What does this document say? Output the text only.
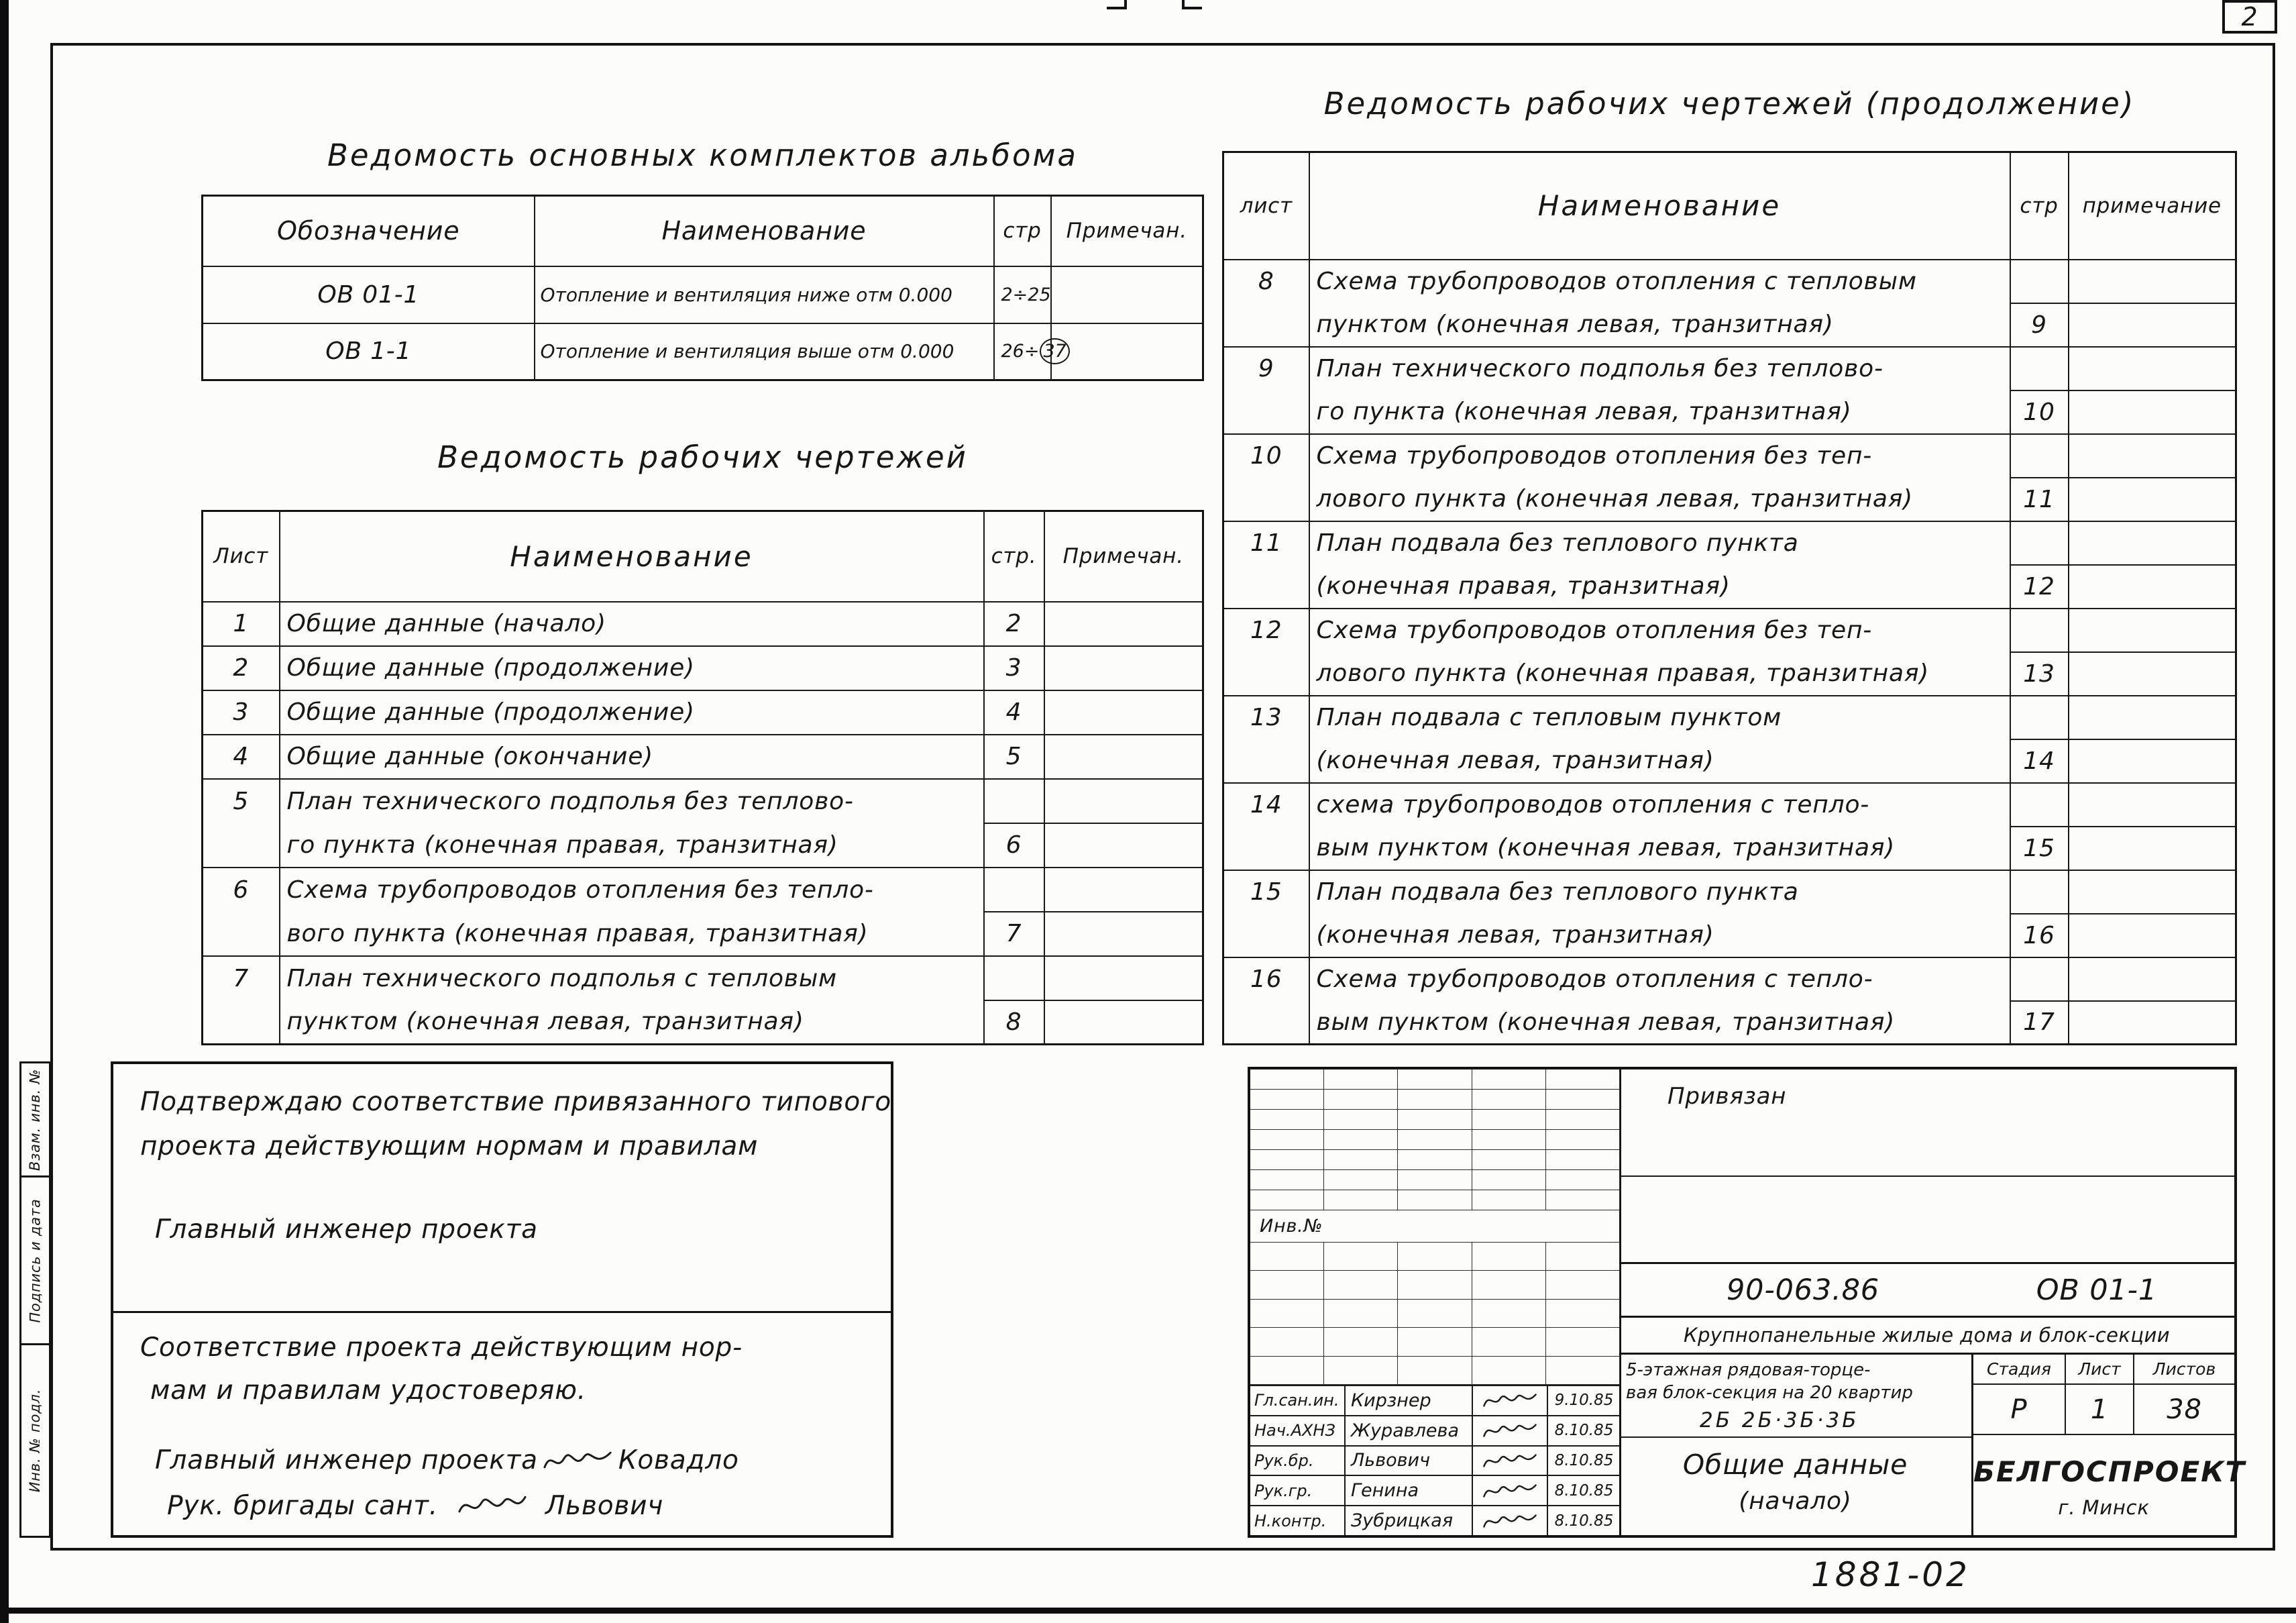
2
Взам. инв. №
Подпись и дата
Инв. № подл.
Ведомость основных комплектов альбома
Обозначение	Наименование	стр	Примечан.
ОВ 01-1	Отопление и вентиляция ниже отм 0.000	2÷25	
ОВ 1-1	Отопление и вентиляция выше отм 0.000	26÷ 37	
Ведомость рабочих чертежей
Лист	Наименование	стр.	Примечан.
1	Общие данные (начало)	2	
2	Общие данные (продолжение)	3	
3	Общие данные (продолжение)	4	
4	Общие данные (окончание)	5	
5	План технического подполья без теплово-		
	го пункта (конечная правая, транзитная)	6	
6	Схема трубопроводов отопления без тепло-		
	вого пункта (конечная правая, транзитная)	7	
7	План технического подполья с тепловым		
	пунктом (конечная левая, транзитная)	8	
Ведомость рабочих чертежей (продолжение)
лист	Наименование	стр	примечание
8	Схема трубопроводов отопления с тепловым		
	пунктом (конечная левая, транзитная)	9	
9	План технического подполья без теплово-		
	го пункта (конечная левая, транзитная)	10	
10	Схема трубопроводов отопления без теп-		
	лового пункта (конечная левая, транзитная)	11	
11	План подвала без теплового пункта		
	(конечная правая, транзитная)	12	
12	Схема трубопроводов отопления без теп-		
	лового пункта (конечная правая, транзитная)	13	
13	План подвала с тепловым пунктом		
	(конечная левая, транзитная)	14	
14	схема трубопроводов отопления с тепло-		
	вым пунктом (конечная левая, транзитная)	15	
15	План подвала без теплового пункта		
	(конечная левая, транзитная)	16	
16	Схема трубопроводов отопления с тепло-		
	вым пунктом (конечная левая, транзитная)	17	
Подтверждаю соответствие привязанного типового
проекта действующим нормам и правилам
Главный инженер проекта
Соответствие проекта действующим нор-
мам и правилам удостоверяю.
Главный инженер проекта	Ковадло
Рук. бригады сант.	Львович
Инв.№
Гл.сан.ин. Кирзнер	9.10.85
Нач.АХНЗ Журавлева	8.10.85
Рук.бр.	Львович	8.10.85
Рук.гр.	Генина	8.10.85
Н.контр.	Зубрицкая	8.10.85
Привязан
90-063.86	ОВ 01-1
Крупнопанельные жилые дома и блок-секции
5-этажная рядовая-торце-
вая блок-секция на 20 квартир
2Б 2Б·3Б·3Б
Общие данные
(начало)
Стадия	Лист	Листов
Р	1	38
БЕЛГОСПРОЕКТ
г. Минск
1881-02
